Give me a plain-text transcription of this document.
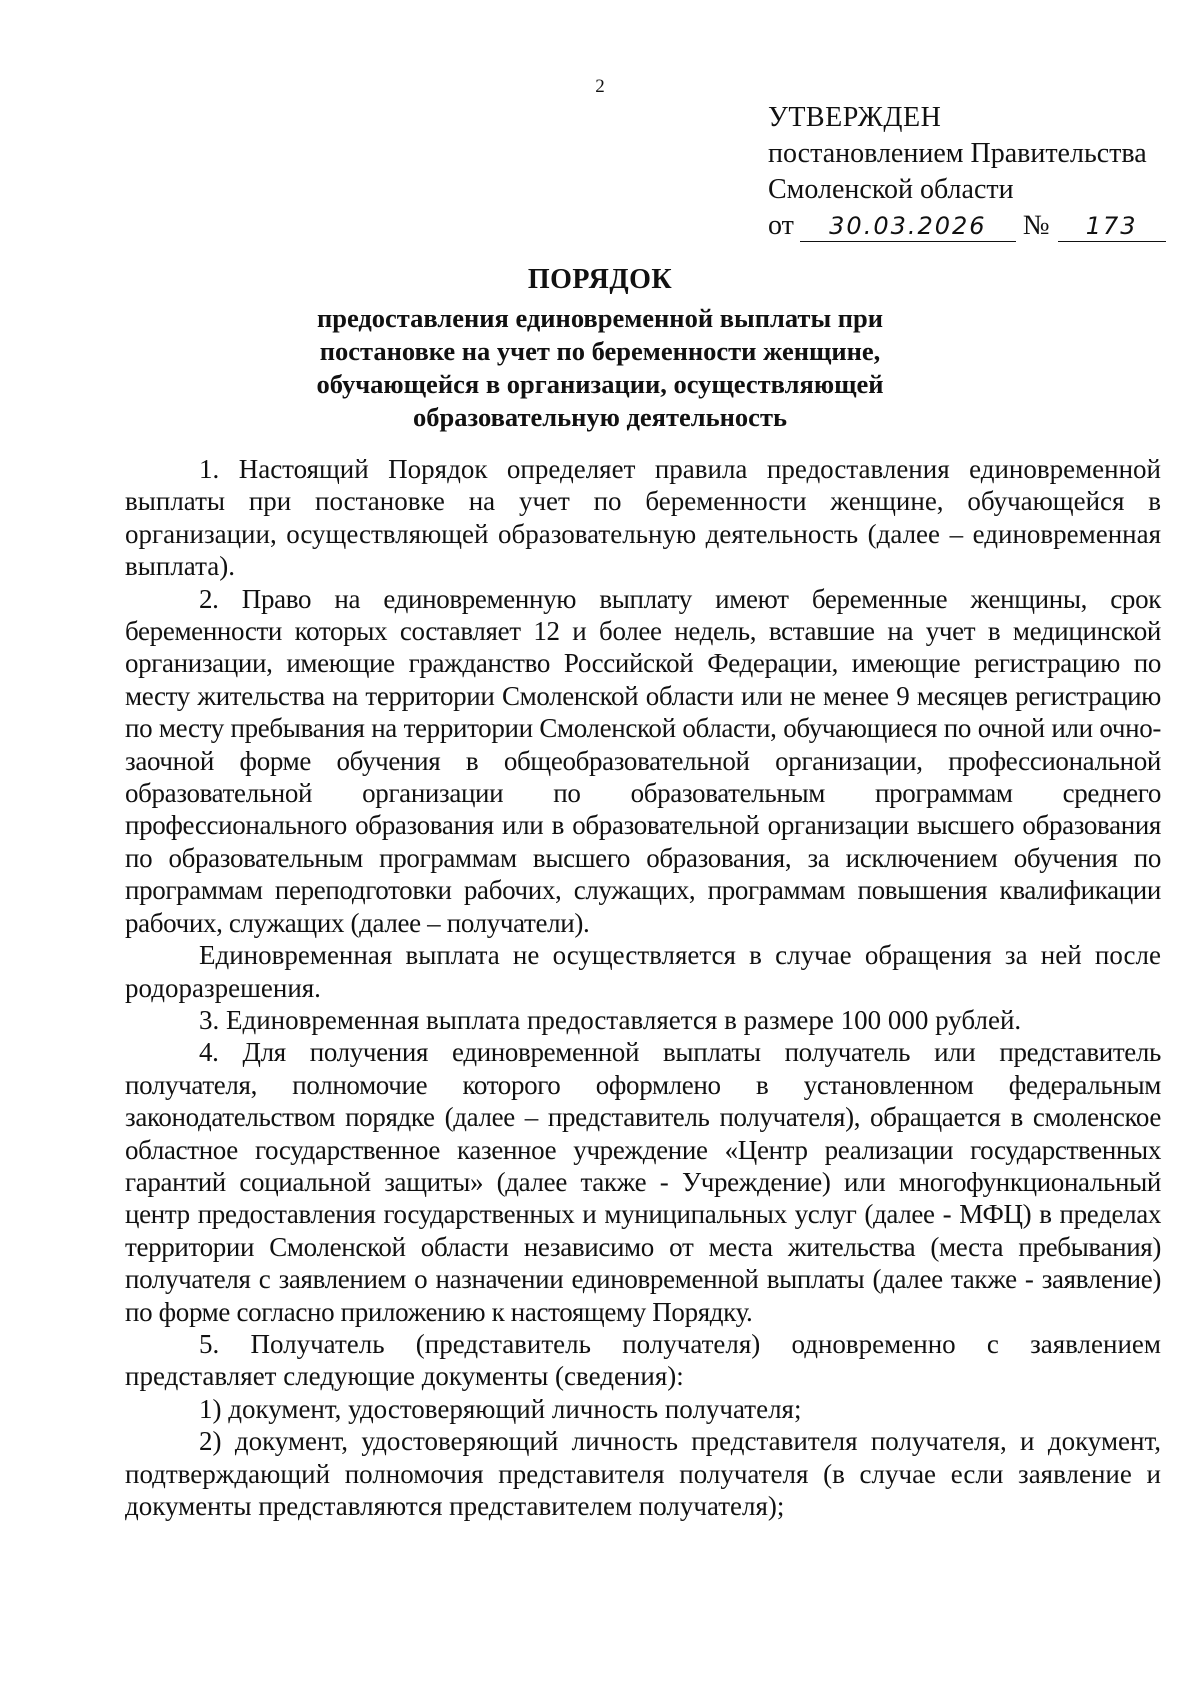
2
УТВЕРЖДЕН
постановлением Правительства
Смоленской области
от 30.03.2026 № 173
ПОРЯДОК
предоставления единовременной выплаты при
постановке на учет по беременности женщине,
обучающейся в организации, осуществляющей
образовательную деятельность

1. Настоящий Порядок определяет правила предоставления единовременной выплаты при постановке на учет по беременности женщине, обучающейся в организации, осуществляющей образовательную деятельность (далее – единовременная выплата).

2. Право на единовременную выплату имеют беременные женщины, срок беременности которых составляет 12 и более недель, вставшие на учет в медицинской организации, имеющие гражданство Российской Федерации, имеющие регистрацию по месту жительства на территории Смоленской области или не менее 9 месяцев регистрацию по месту пребывания на территории Смоленской области, обучающиеся по очной или очно-заочной форме обучения в общеобразовательной организации, профессиональной образовательной организации по образовательным программам среднего профессионального образования или в образовательной организации высшего образования по образовательным программам высшего образования, за исключением обучения по программам переподготовки рабочих, служащих, программам повышения квалификации рабочих, служащих (далее – получатели).

Единовременная выплата не осуществляется в случае обращения за ней после родоразрешения.

3. Единовременная выплата предоставляется в размере 100 000 рублей.

4. Для получения единовременной выплаты получатель или представитель получателя, полномочие которого оформлено в установленном федеральным законодательством порядке (далее – представитель получателя), обращается в смоленское областное государственное казенное учреждение «Центр реализации государственных гарантий социальной защиты» (далее также - Учреждение) или многофункциональный центр предоставления государственных и муниципальных услуг (далее - МФЦ) в пределах территории Смоленской области независимо от места жительства (места пребывания) получателя с заявлением о назначении единовременной выплаты (далее также - заявление) по форме согласно приложению к настоящему Порядку.

5. Получатель (представитель получателя) одновременно с заявлением представляет следующие документы (сведения):

1) документ, удостоверяющий личность получателя;

2) документ, удостоверяющий личность представителя получателя, и документ, подтверждающий полномочия представителя получателя (в случае если заявление и документы представляются представителем получателя);
